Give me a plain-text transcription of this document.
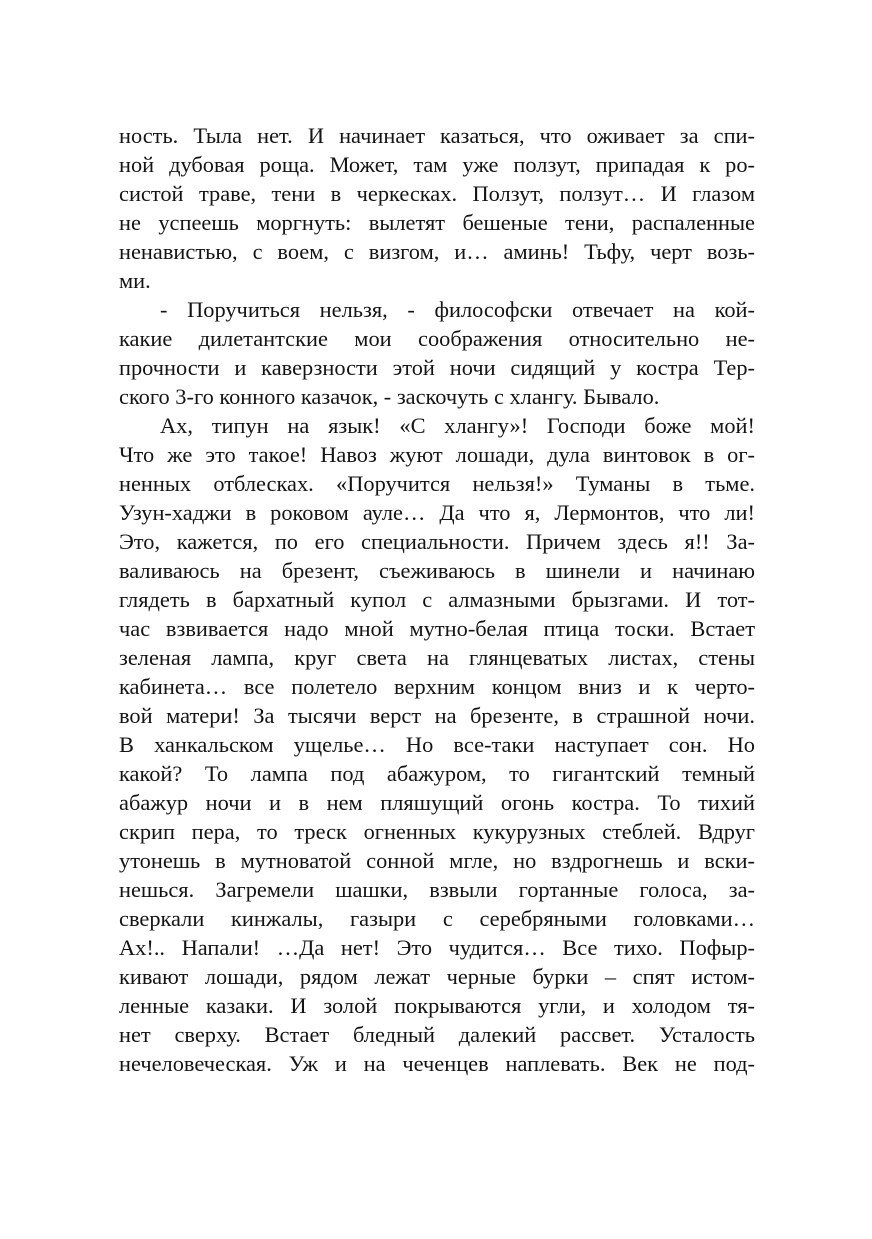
ность. Тыла нет. И начинает казаться, что оживает за спи-
ной дубовая роща. Может, там уже ползут, припадая к ро-
систой траве, тени в черкесках. Ползут, ползут… И глазом
не успеешь моргнуть: вылетят бешеные тени, распаленные
ненавистью, с воем, с визгом, и… аминь! Тьфу, черт возь-
ми.
- Поручиться нельзя, - философски отвечает на кой-
какие дилетантские мои соображения относительно не-
прочности и каверзности этой ночи сидящий у костра Тер-
ского 3-го конного казачок, - заскочуть с хлангу. Бывало.
Ах, типун на язык! «С хлангу»! Господи боже мой!
Что же это такое! Навоз жуют лошади, дула винтовок в ог-
ненных отблесках. «Поручится нельзя!» Туманы в тьме.
Узун-хаджи в роковом ауле… Да что я, Лермонтов, что ли!
Это, кажется, по его специальности. Причем здесь я!! За-
валиваюсь на брезент, съеживаюсь в шинели и начинаю
глядеть в бархатный купол с алмазными брызгами. И тот-
час взвивается надо мной мутно-белая птица тоски. Встает
зеленая лампа, круг света на глянцеватых листах, стены
кабинета… все полетело верхним концом вниз и к черто-
вой матери! За тысячи верст на брезенте, в страшной ночи.
В ханкальском ущелье… Но все-таки наступает сон. Но
какой? То лампа под абажуром, то гигантский темный
абажур ночи и в нем пляшущий огонь костра. То тихий
скрип пера, то треск огненных кукурузных стеблей. Вдруг
утонешь в мутноватой сонной мгле, но вздрогнешь и вски-
нешься. Загремели шашки, взвыли гортанные голоса, за-
сверкали кинжалы, газыри с серебряными головками…
Ах!.. Напали! …Да нет! Это чудится… Все тихо. Пофыр-
кивают лошади, рядом лежат черные бурки – спят истом-
ленные казаки. И золой покрываются угли, и холодом тя-
нет сверху. Встает бледный далекий рассвет. Усталость
нечеловеческая. Уж и на чеченцев наплевать. Век не под-
